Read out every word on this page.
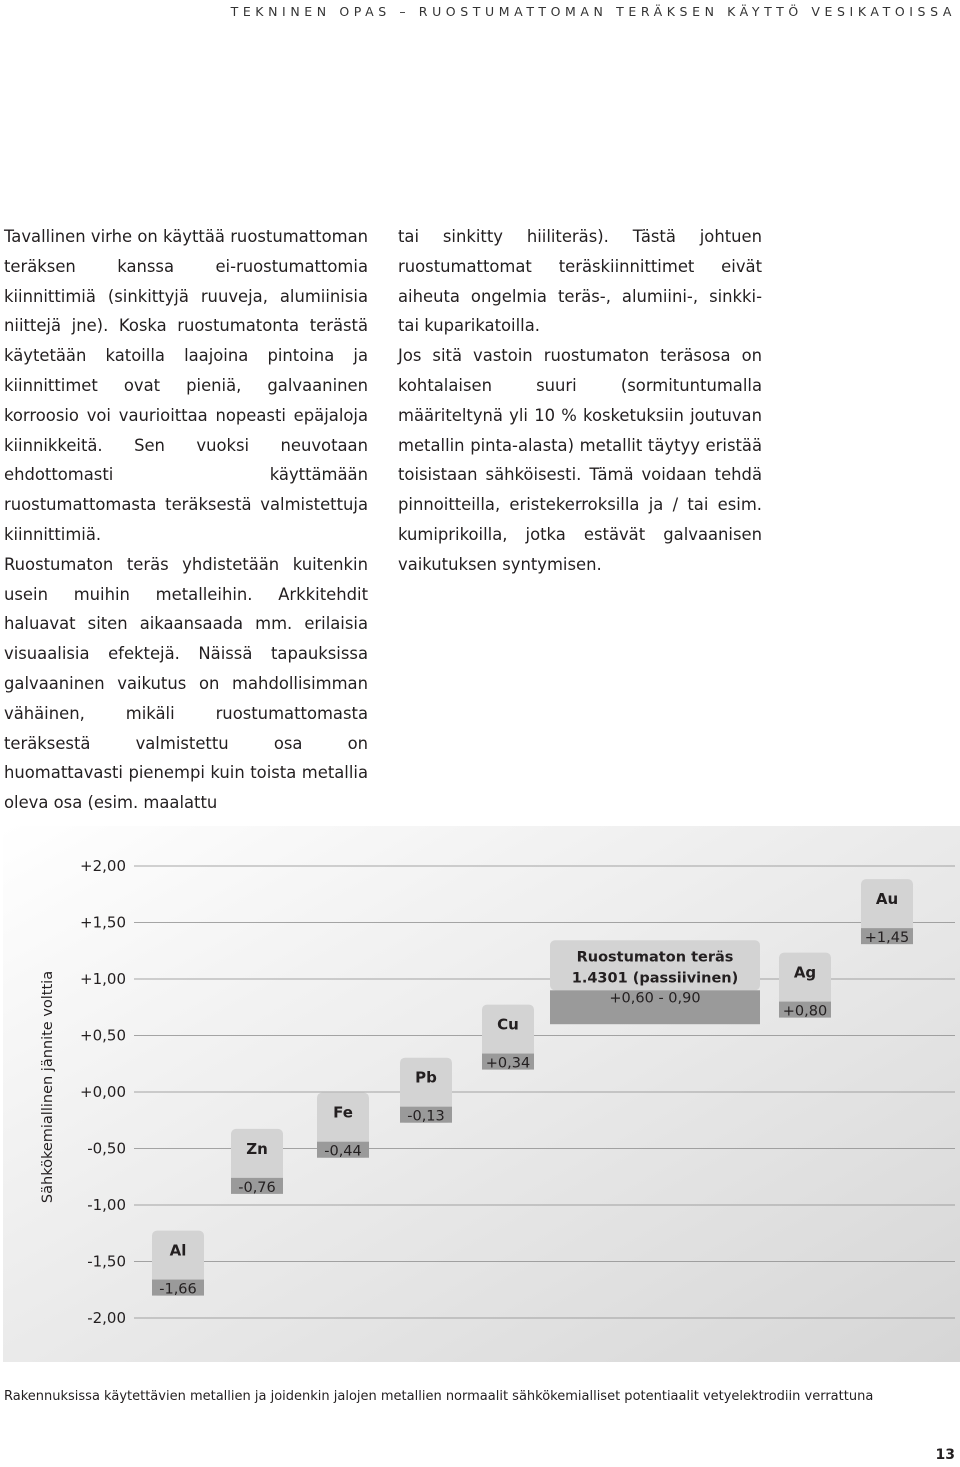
TEKNINEN OPAS – RUOSTUMATTOMAN TERÄKSEN KÄYTTÖ VESIKATOISSA

Tavallinen virhe on käyttää ruostumattoman teräksen kanssa ei-ruostumattomia kiinnittimiä (sinkittyjä ruuveja, alumiinisia niittejä jne). Koska ruostumatonta terästä käytetään katoilla laajoina pintoina ja kiinnittimet ovat pieniä, galvaaninen korroosio voi vaurioittaa nopeasti epäjaloja kiinnikkeitä. Sen vuoksi neuvotaan ehdottomasti käyttämään ruostumattomasta teräksestä valmistettuja kiinnittimiä.

Ruostumaton teräs yhdistetään kuitenkin usein muihin metalleihin. Arkkitehdit haluavat siten aikaansaada mm. erilaisia visuaalisia efektejä. Näissä tapauksissa galvaaninen vaikutus on mahdollisimman vähäinen, mikäli ruostumattomasta teräksestä valmistettu osa on huomattavasti pienempi kuin toista metallia oleva osa (esim. maalattu

tai sinkitty hiiliteräs). Tästä johtuen ruostumattomat teräskiinnittimet eivät aiheuta ongelmia teräs-, alumiini-, sinkki- tai kuparikatoilla.

Jos sitä vastoin ruostumaton teräsosa on kohtalaisen suuri (sormituntumalla määriteltynä yli 10 % kosketuksiin joutuvan metallin pinta-alasta) metallit täytyy eristää toisistaan sähköisesti. Tämä voidaan tehdä pinnoitteilla, eristekerroksilla ja / tai esim. kumiprikoilla, jotka estävät galvaanisen vaikutuksen syntymisen.

+2,00
+1,50
+1,00
+0,50
+0,00
-0,50
-1,00
-1,50
-2,00
Sähkökemiallinen jännite volttia
Al
-1,66
Zn
-0,76
Fe
-0,44
Pb
-0,13
Cu
+0,34
Ruostumaton teräs
1.4301 (passiivinen)
+0,60 - 0,90
Ag
+0,80
Au
+1,45
Rakennuksissa käytettävien metallien ja joidenkin jalojen metallien normaalit sähkökemialliset potentiaalit vetyelektrodiin verrattuna
13
